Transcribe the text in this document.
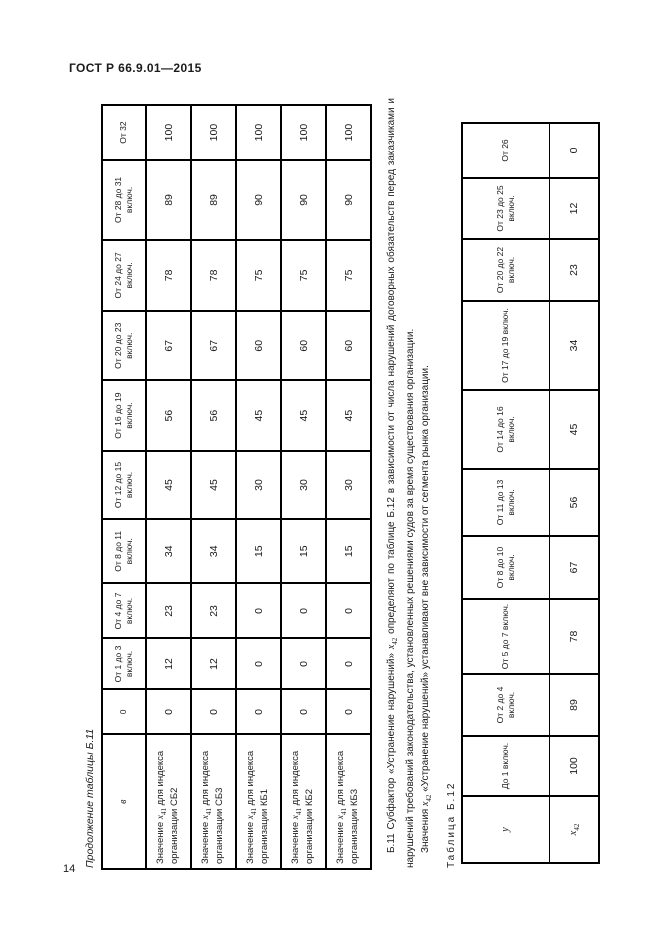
ГОСТ Р 66.9.01—2015
Продолжение таблицы Б.11 в	0	От 1 до 3 включ.	От 4 до 7 включ.	От 8 до 11 включ.	От 12 до 15 включ.	От 16 до 19 включ.	От 20 до 23 включ.	От 24 до 27 включ.	От 28 до 31 включ.	От 32
Значение $x_{41}$ для индекса организации СБ2	0	12	23	34	45	56	67	78	89	100
Значение $x_{41}$ для индекса организации СБ3	0	12	23	34	45	56	67	78	89	100
Значение $x_{41}$ для индекса организации КБ1	0	0	0	15	30	45	60	75	90	100
Значение $x_{41}$ для индекса организации КБ2	0	0	0	15	30	45	60	75	90	100
Значение $x_{41}$ для индекса организации КБ3	0	0	0	15	30	45	60	75	90	100

Б.11 Субфактор «Устранение нарушений» $x_{42}$ определяют по таблице Б.12 в зависимости от числа нарушений договорных обязательств перед заказчиками и нарушений требований законодательства, установленных решениями судов за время существования организации. Значения $x_{42}$ «Устранение нарушений» устанавливают вне зависимости от сегмента рынка организации.

Таблица Б.12	у	До 1 включ.	От 2 до 4 включ.	От 5 до 7 включ.	От 8 до 10 включ.	От 11 до 13 включ.	От 14 до 16 включ.	От 17 до 19 включ.	От 20 до 22 включ.	От 23 до 25 включ.	От 26
$x_{42}$	100	89	78	67	56	45	34	23	12	0
14
